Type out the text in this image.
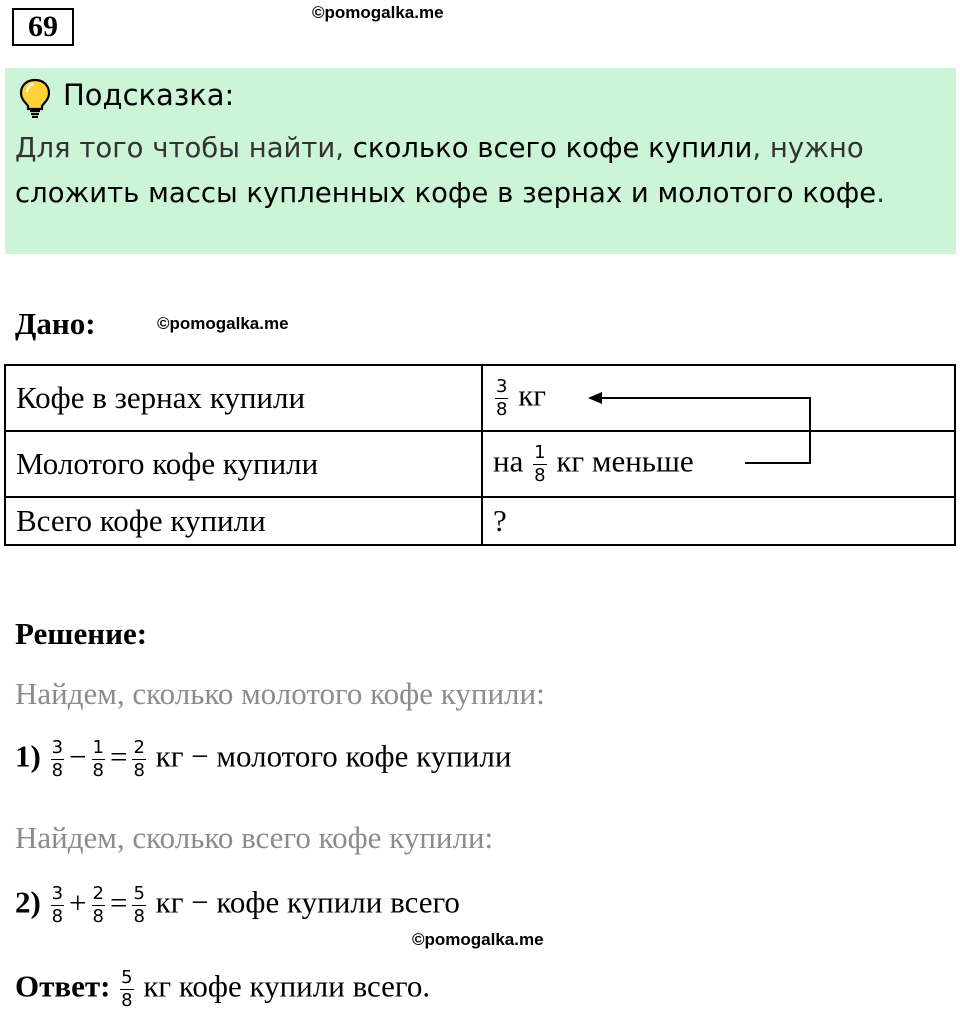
69	©pomogalka.me
Подсказка:
Для того чтобы найти, сколько всего кофе купили, нужно сложить массы купленных кофе в зернах и молотого кофе.
Дано:	©pomogalka.me
Кофе в зернах купили	$\frac{3}{8}$ кг
Молотого кофе купили	на $\frac{1}{8}$ кг меньше
Всего кофе купили	?
Решение:
Найдем, сколько молотого кофе купили:
$1) \frac{3}{8} - \frac{1}{8} = \frac{2}{8}$ кг − молотого кофе купили
Найдем, сколько всего кофе купили:
$2) \frac{3}{8} + \frac{2}{8} = \frac{5}{8}$ кг − кофе купили всего
©pomogalka.me
Ответ: $\frac{5}{8}$ кг кофе купили всего.
